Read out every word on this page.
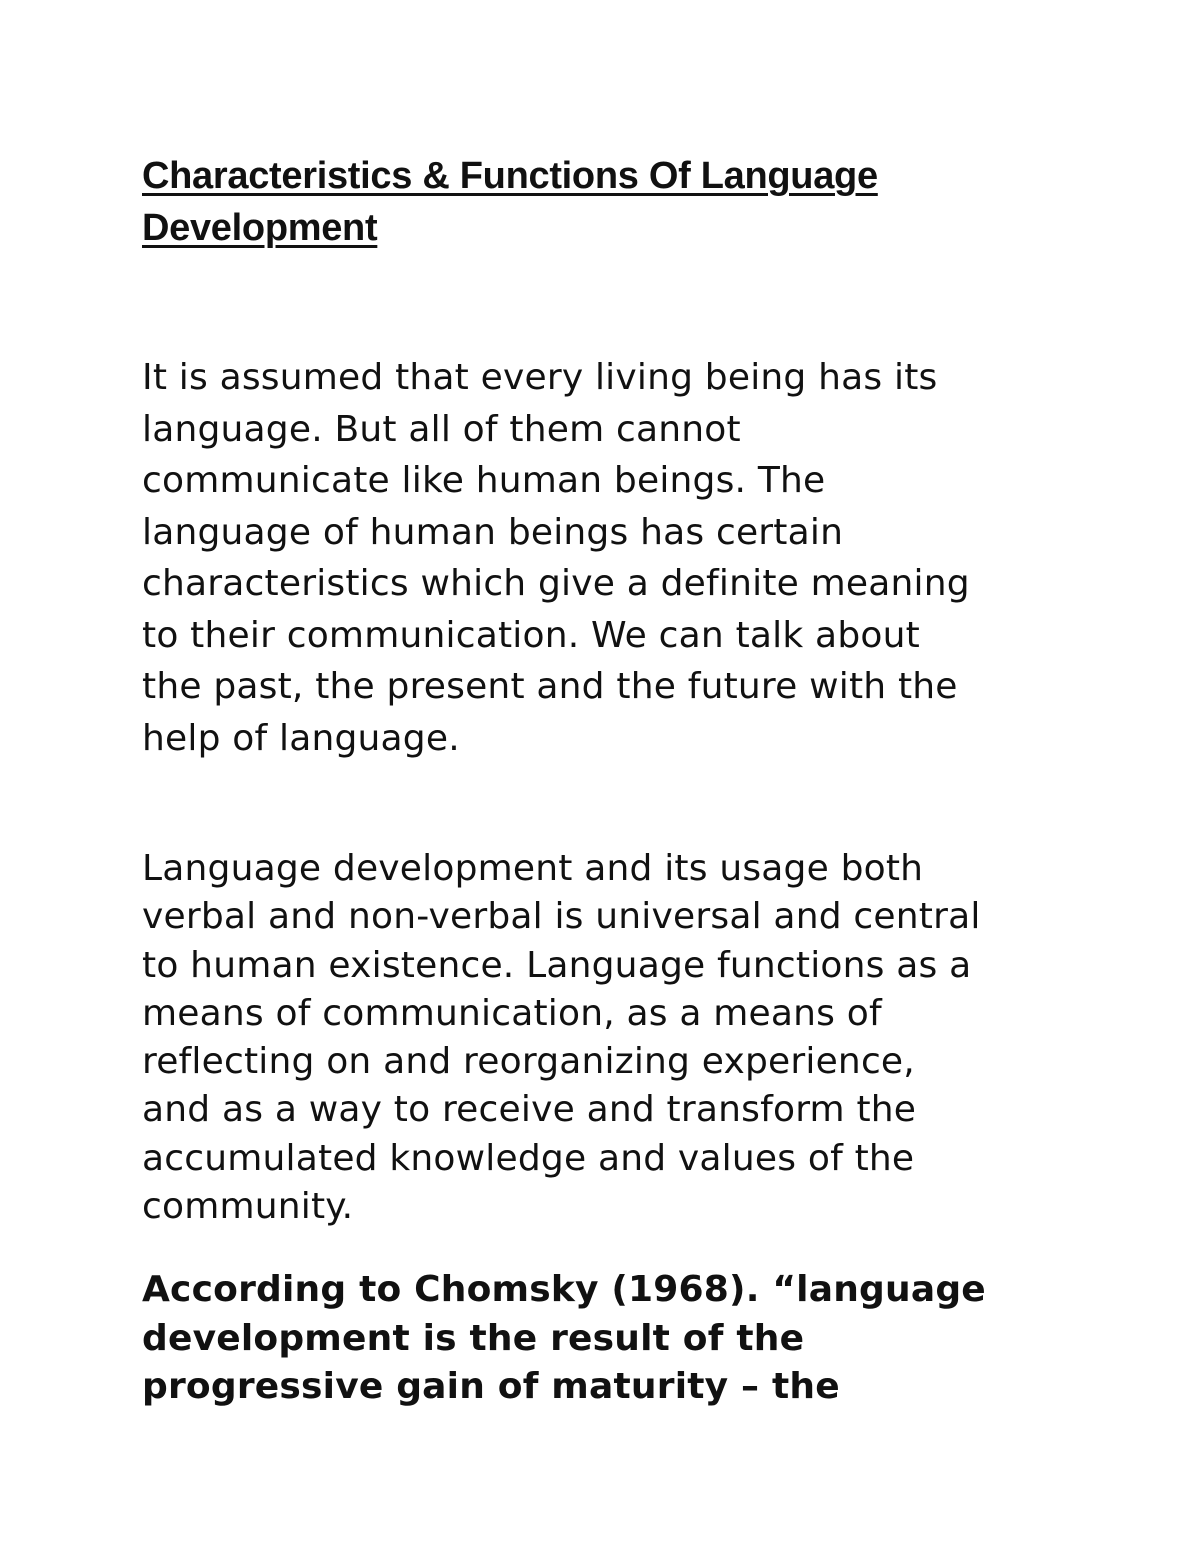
Characteristics & Functions Of Language
Development

It is assumed that every living being has its
language. But all of them cannot
communicate like human beings. The
language of human beings has certain
characteristics which give a definite meaning
to their communication. We can talk about
the past, the present and the future with the
help of language.

Language development and its usage both
verbal and non-verbal is universal and central
to human existence. Language functions as a
means of communication, as a means of
reflecting on and reorganizing experience,
and as a way to receive and transform the
accumulated knowledge and values of the
community.

According to Chomsky (1968). “language
development is the result of the
progressive gain of maturity – the
